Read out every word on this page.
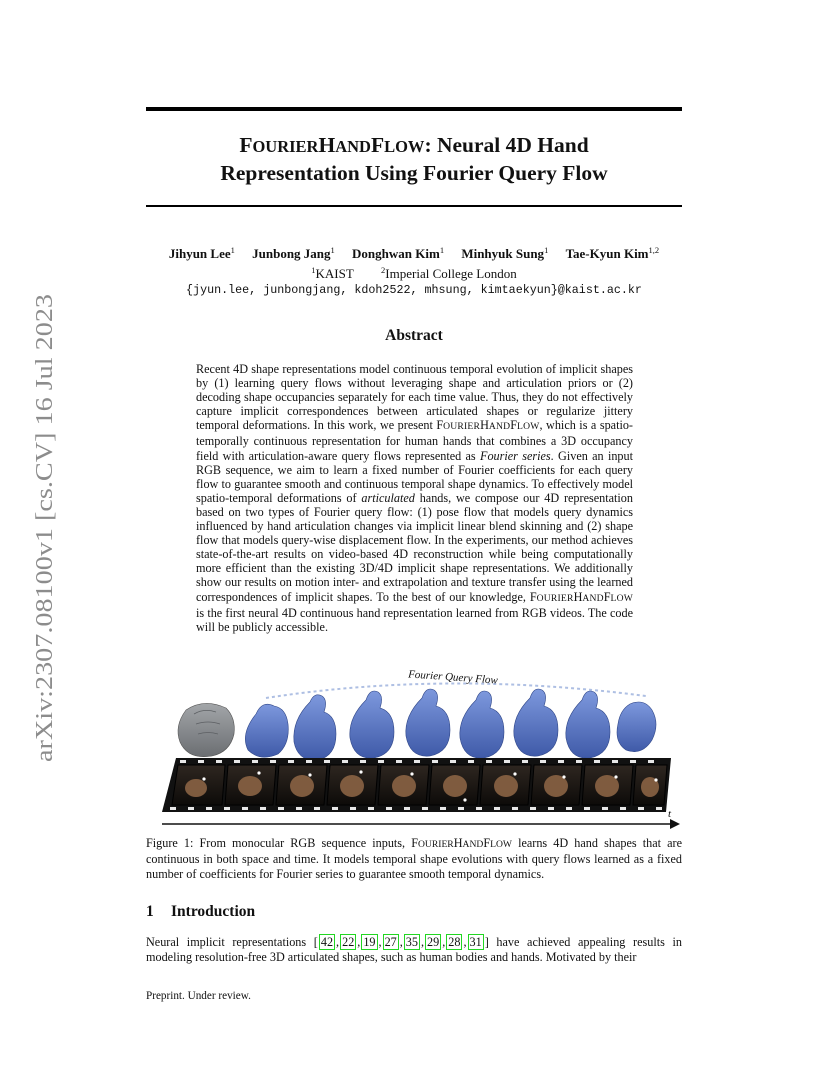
arXiv:2307.08100v1 [cs.CV] 16 Jul 2023
FOURIERHANDFLOW: Neural 4D Hand
Representation Using Fourier Query Flow
Jihyun Lee$^1$ Junbong Jang$^1$ Donghwan Kim$^1$ Minhyuk Sung$^1$ Tae-Kyun Kim$^{1,2}$
$^1$KAIST	$^2$Imperial College London
{jyun.lee, junbongjang, kdoh2522, mhsung, kimtaekyun}@kaist.ac.kr
Abstract

Recent 4D shape representations model continuous temporal evolution of implicit shapes by (1) learning query flows without leveraging shape and articulation priors or (2) decoding shape occupancies separately for each time value. Thus, they do not effectively capture implicit correspondences between articulated shapes or regularize jittery temporal deformations. In this work, we present FOURIERHANDFLOW, which is a spatio-temporally continuous representation for human hands that combines a 3D occupancy field with articulation-aware query flows represented as Fourier series. Given an input RGB sequence, we aim to learn a fixed number of Fourier coefficients for each query flow to guarantee smooth and continuous temporal shape dynamics. To effectively model spatio-temporal deformations of articulated hands, we compose our 4D representation based on two types of Fourier query flow: (1) pose flow that models query dynamics influenced by hand articulation changes via implicit linear blend skinning and (2) shape flow that models query-wise displacement flow. In the experiments, our method achieves state-of-the-art results on video-based 4D reconstruction while being computationally more efficient than the existing 3D/4D implicit shape representations. We additionally show our results on motion inter- and extrapolation and texture transfer using the learned correspondences of implicit shapes. To the best of our knowledge, FOURIERHANDFLOW is the first neural 4D continuous hand representation learned from RGB videos. The code will be publicly accessible.

Fourier Query Flow
t

Figure 1: From monocular RGB sequence inputs, FOURIERHANDFLOW learns 4D hand shapes that are continuous in both space and time. It models temporal shape evolutions with query flows learned as a fixed number of coefficients for Fourier series to guarantee smooth temporal dynamics.

1 Introduction

Neural implicit representations [ 42 , 22 , 19 , 27 , 35 , 29 , 28 , 31 ] have achieved appealing results in modeling resolution-free 3D articulated shapes, such as human bodies and hands. Motivated by their

Preprint. Under review.
